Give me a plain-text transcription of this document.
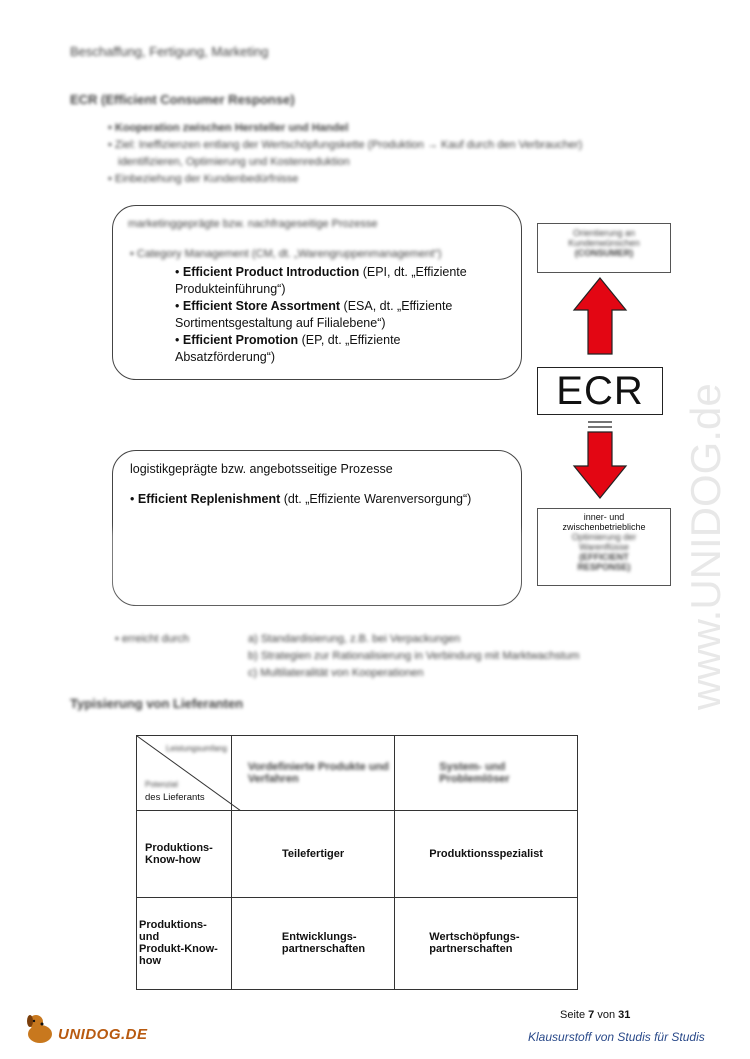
Beschaffung, Fertigung, Marketing
ECR (Efficient Consumer Response)
• Kooperation zwischen Hersteller und Handel
• Ziel: Ineffizienzen entlang der Wertschöpfungskette (Produktion → Kauf durch den Verbraucher)
identifizieren, Optimierung und Kostenreduktion
• Einbeziehung der Kundenbedürfnisse
marketinggeprägte bzw. nachfrageseitige Prozesse
• Category Management (CM, dt. „Warengruppenmanagement“)
• Efficient Product Introduction (EPI, dt. „Effiziente Produkteinführung“)
• Efficient Store Assortment (ESA, dt. „Effiziente Sortimentsgestaltung auf Filialebene“)
• Efficient Promotion (EP, dt. „Effiziente Absatzförderung“)
logistikgeprägte bzw. angebotsseitige Prozesse
• Efficient Replenishment (dt. „Effiziente Warenversorgung“)
Orientierung an
Kundenwünschen
(CONSUMER)
ECR
inner- und
zwischenbetriebliche
Optimierung der
Warenflüsse
(EFFICIENT
RESPONSE)
• erreicht durch	a) Standardisierung, z.B. bei Verpackungen
b) Strategien zur Rationalisierung in Verbindung mit Marktwachstum
c) Multilateralität von Kooperationen
Typisierung von Lieferanten
Leistungsumfang
Potenzial
des Lieferants	Vordefinierte Produkte und Verfahren	System- und Problemlöser
Produktions-
Know-how	Teilefertiger	Produktionsspezialist
Produktions- und
Produkt-Know-how	Entwicklungs-
partnerschaften	Wertschöpfungs-
partnerschaften
www.UNIDOG.de
Seite 7 von 31
Klausurstoff von Studis für Studis
UNIDOG.DE
